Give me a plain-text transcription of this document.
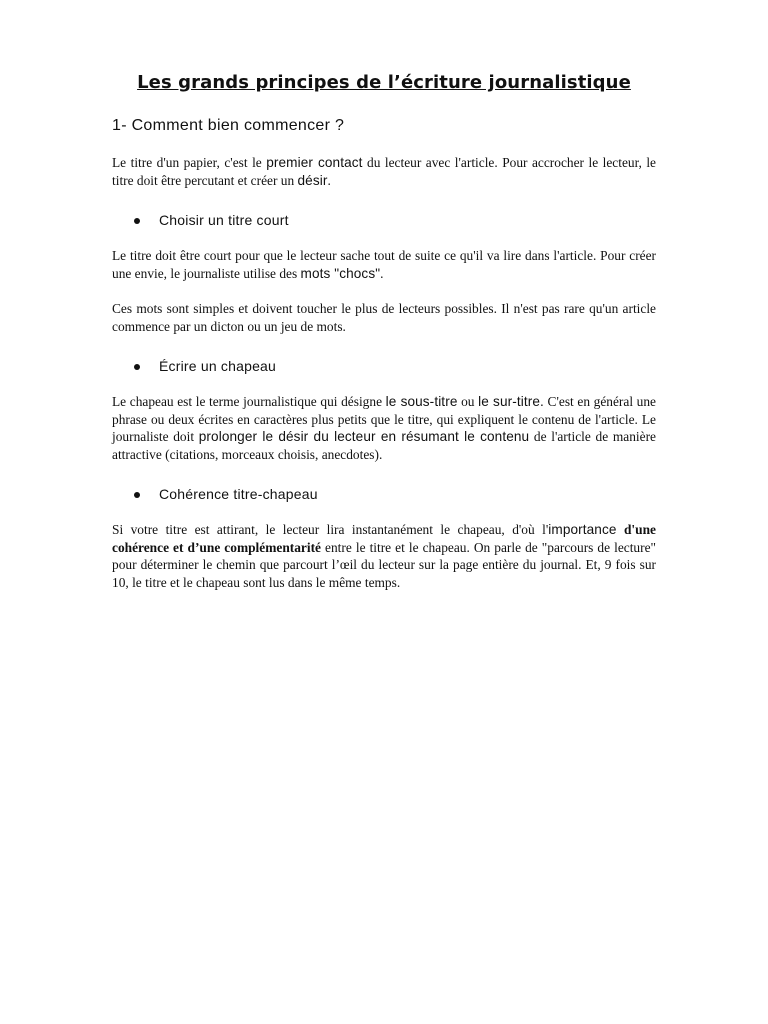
Les grands principes de l’écriture journalistique
1- Comment bien commencer ?

Le titre d'un papier, c'est le premier contact du lecteur avec l'article. Pour accrocher le lecteur, le titre doit être percutant et créer un désir.

Choisir un titre court

Le titre doit être court pour que le lecteur sache tout de suite ce qu'il va lire dans l'article. Pour créer une envie, le journaliste utilise des mots "chocs".

Ces mots sont simples et doivent toucher le plus de lecteurs possibles. Il n'est pas rare qu'un article commence par un dicton ou un jeu de mots.

Écrire un chapeau

Le chapeau est le terme journalistique qui désigne le sous-titre ou le sur-titre. C'est en général une phrase ou deux écrites en caractères plus petits que le titre, qui expliquent le contenu de l'article. Le journaliste doit prolonger le désir du lecteur en résumant le contenu de l'article de manière attractive (citations, morceaux choisis, anecdotes).

Cohérence titre-chapeau

Si votre titre est attirant, le lecteur lira instantanément le chapeau, d'où l'importance d'une cohérence et d’une complémentarité entre le titre et le chapeau. On parle de "parcours de lecture" pour déterminer le chemin que parcourt l’œil du lecteur sur la page entière du journal. Et, 9 fois sur 10, le titre et le chapeau sont lus dans le même temps.
